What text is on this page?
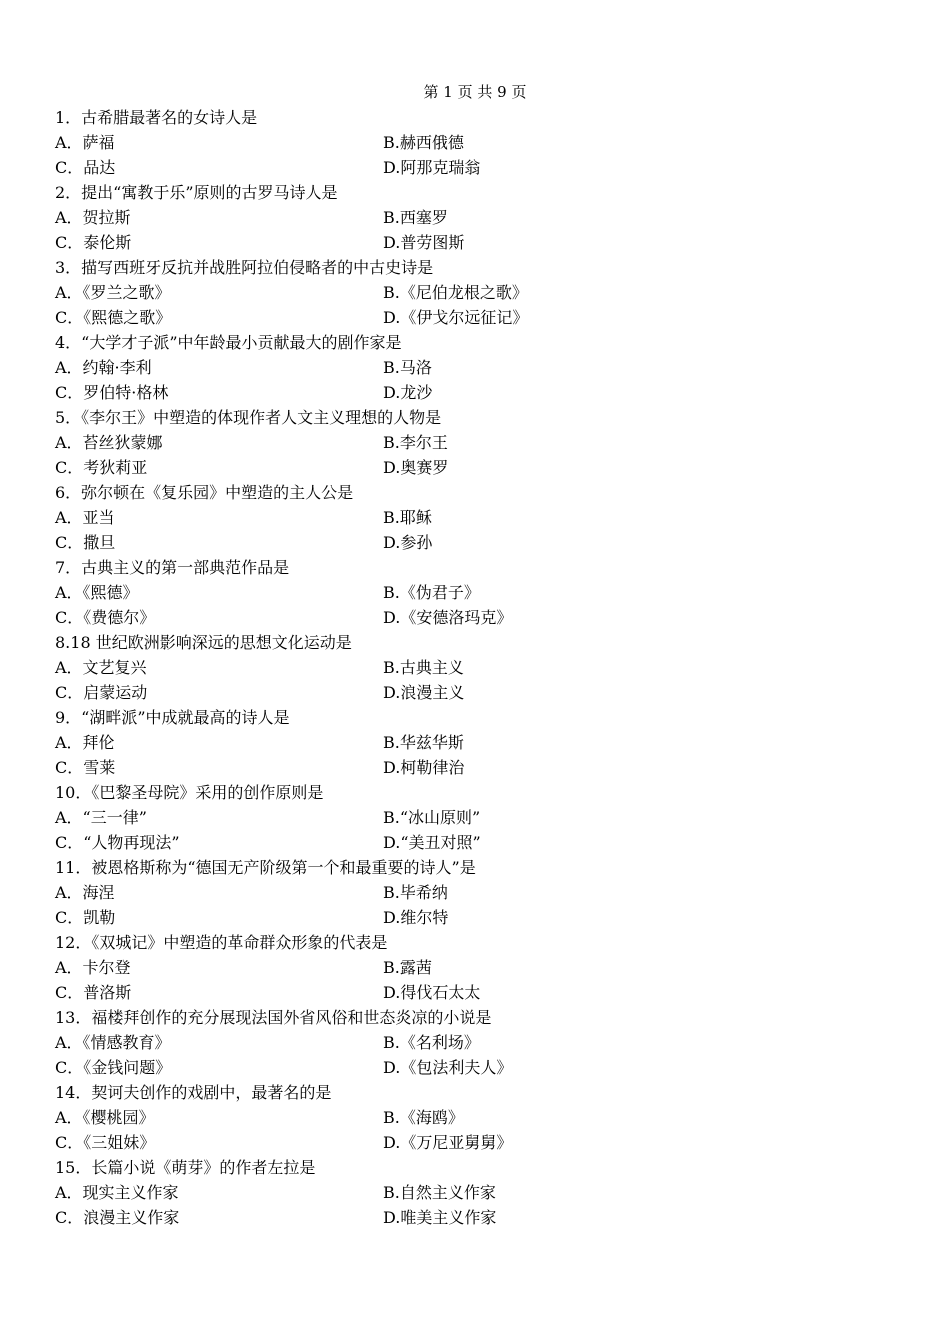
第 1 页 共 9 页
1．古希腊最著名的女诗人是
A．萨福	B.赫西俄德
C．品达	D.阿那克瑞翁
2．提出“寓教于乐”原则的古罗马诗人是
A．贺拉斯	B.西塞罗
C．泰伦斯	D.普劳图斯
3．描写西班牙反抗并战胜阿拉伯侵略者的中古史诗是
A．《罗兰之歌》	B.《尼伯龙根之歌》
C．《熙德之歌》	D.《伊戈尔远征记》
4．“大学才子派”中年龄最小贡献最大的剧作家是
A．约翰·李利	B.马洛
C．罗伯特·格林	D.龙沙
5．《李尔王》中塑造的体现作者人文主义理想的人物是
A．苔丝狄蒙娜	B.李尔王
C．考狄莉亚	D.奥赛罗
6．弥尔顿在《复乐园》中塑造的主人公是
A．亚当	B.耶稣
C．撒旦	D.参孙
7．古典主义的第一部典范作品是
A．《熙德》	B.《伪君子》
C．《费德尔》	D.《安德洛玛克》
8.18 世纪欧洲影响深远的思想文化运动是
A．文艺复兴	B.古典主义
C．启蒙运动	D.浪漫主义
9．“湖畔派”中成就最高的诗人是
A．拜伦	B.华兹华斯
C．雪莱	D.柯勒律治
10．《巴黎圣母院》采用的创作原则是
A．“三一律”	B.“冰山原则”
C．“人物再现法”	D.“美丑对照”
11．被恩格斯称为“德国无产阶级第一个和最重要的诗人”是
A．海涅	B.毕希纳
C．凯勒	D.维尔特
12．《双城记》中塑造的革命群众形象的代表是
A．卡尔登	B.露茜
C．普洛斯	D.得伐石太太
13．福楼拜创作的充分展现法国外省风俗和世态炎凉的小说是
A．《情感教育》	B.《名利场》
C．《金钱问题》	D.《包法利夫人》
14．契诃夫创作的戏剧中，最著名的是
A．《樱桃园》	B.《海鸥》
C．《三姐妹》	D.《万尼亚舅舅》
15．长篇小说《萌芽》的作者左拉是
A．现实主义作家	B.自然主义作家
C．浪漫主义作家	D.唯美主义作家
